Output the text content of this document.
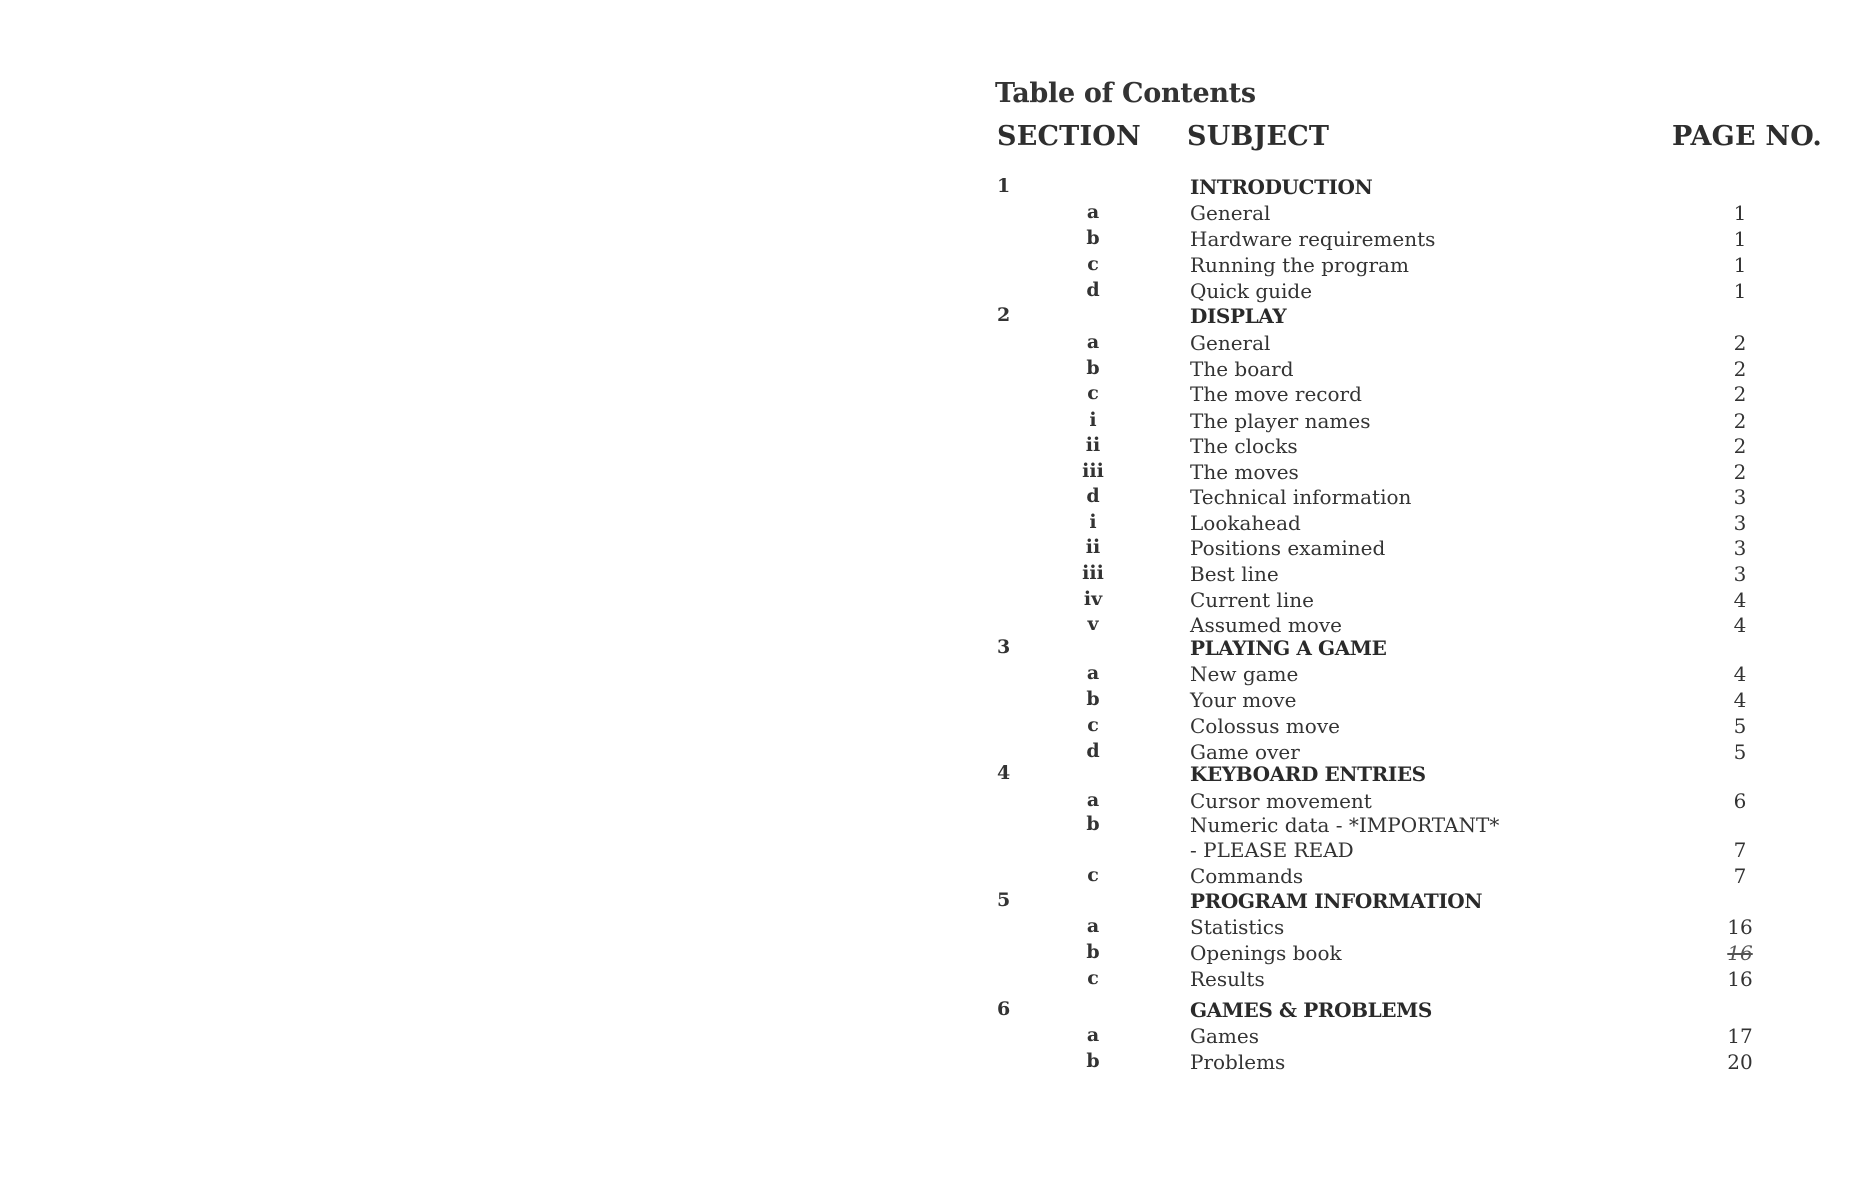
Table of Contents
SECTION SUBJECT	PAGE NO.
1	INTRODUCTION
a	General	1
b	Hardware requirements	1
c	Running the program	1
d	Quick guide	1
2	DISPLAY
a	General	2
b	The board	2
c	The move record	2
i	The player names	2
ii	The clocks	2
iii	The moves	2
d	Technical information	3
i	Lookahead	3
ii	Positions examined	3
iii	Best line	3
iv	Current line	4
v	Assumed move	4
3	PLAYING A GAME
a	New game	4
b	Your move	4
c	Colossus move	5
d	Game over	5
4	KEYBOARD ENTRIES
a	Cursor movement	6
b	Numeric data - *IMPORTANT*
- PLEASE READ	7
c	Commands	7
5	PROGRAM INFORMATION
a	Statistics	16
b	Openings book	16
c	Results	16
6	GAMES & PROBLEMS
a	Games	17
b	Problems	20
